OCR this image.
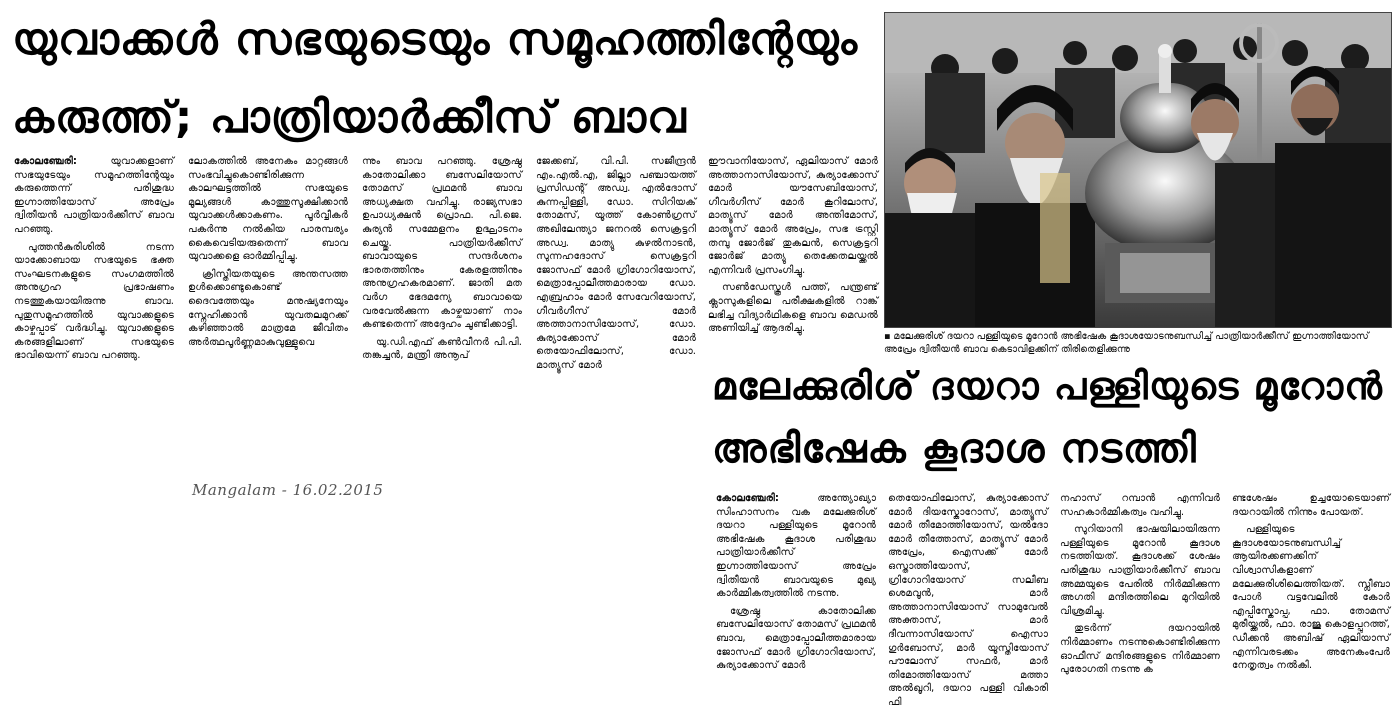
യുവാക്കൾ സഭയുടെയും സമൂഹത്തിന്റേയും
കരുത്ത്; പാത്രിയാർക്കീസ് ബാവ

കോലഞ്ചേരി: യുവാക്കളാണ് സഭയുടേയും സമൂഹത്തിന്റേയും കരുത്തെന്ന് പരിശുദ്ധ ഇഗ്നാത്തിയോസ് അപ്രേം ദ്വിതീയൻ പാത്രിയാർക്കീസ് ബാവ പറഞ്ഞു.

പുത്തൻകുരിശിൽ നടന്ന യാക്കോബായ സഭയുടെ ഭക്ത സംഘടനകളുടെ സംഗമത്തിൽ അനുഗ്രഹ പ്രഭാഷണം നടത്തുകയായിരുന്നു ബാവ. പുതുസമൂഹത്തിൽ യുവാക്കളുടെ കാഴ്ചപ്പാട് വർദ്ധിച്ചു. യുവാക്കളുടെ കരങ്ങളിലാണ് സഭയുടെ ഭാവിയെന്ന് ബാവ പറഞ്ഞു.

ലോകത്തിൽ അനേകം മാറ്റങ്ങൾ സംഭവിച്ചുകൊണ്ടിരിക്കുന്ന കാലഘട്ടത്തിൽ സഭയുടെ മൂല്യങ്ങൾ കാത്തുസൂക്ഷിക്കാൻ യുവാക്കൾക്കാകണം. പൂർവ്വീകർ പകർന്നു നൽകിയ പാരമ്പര്യം കൈവെടിയരുതെന്ന് ബാവ യുവാക്കളെ ഓർമ്മിപ്പിച്ചു.

ക്രിസ്തീയതയുടെ അന്തസത്ത ഉൾക്കൊണ്ടുകൊണ്ട് ദൈവത്തേയും മനുഷ്യനേയും സ്നേഹിക്കാൻ യുവതലമുറക്ക് കഴിഞ്ഞാൽ മാത്രമേ ജീവിതം അർത്ഥപൂർണ്ണമാകുവുള്ളുവെ

ന്നും ബാവ പറഞ്ഞു. ശ്രേഷ്ഠ കാതോലിക്കാ ബസേലിയോസ് തോമസ് പ്രഥമൻ ബാവ അധ്യക്ഷത വഹിച്ചു. രാജ്യസഭാ ഉപാധ്യക്ഷൻ പ്രൊഫ. പി.ജെ. കുര്യൻ സമ്മേളനം ഉദ്ഘാടനം ചെയ്തു. പാത്രിയർക്കീസ് ബാവായുടെ സന്ദർശനം ഭാരതത്തിനും കേരളത്തിനും അനുഗ്രഹകരമാണ്. ജാതി മത വർഗ ഭേദമന്യേ ബാവായെ വരവേൽക്കുന്ന കാഴ്ചയാണ് നാം കണ്ടതെന്ന് അദ്ദേഹം ചൂണ്ടിക്കാട്ടി.

യു.ഡി.എഫ് കൺവീനർ പി.പി. തങ്കച്ചൻ, മന്ത്രി അനൂപ്

ജേക്കബ്, വി.പി. സജീന്ദ്രൻ എം.എൽ.എ, ജില്ലാ പഞ്ചായത്ത് പ്രസിഡന്റ് അഡ്വ. എൽദോസ് കുന്നപ്പിള്ളി, ഡോ. സിറിയക് തോമസ്, യൂത്ത് കോൺഗ്രസ് അഖിലേന്ത്യാ ജനറൽ സെക്രട്ടറി അഡ്വ. മാത്യു കുഴൽനാടൻ, സുന്നഹദോസ് സെക്രട്ടറി ജോസഫ് മോർ ഗ്രിഗോറിയോസ്, മെത്രാപ്പോലീത്തമാരായ ഡോ. എബ്രഹാം മോർ സേവേറിയോസ്, ഗീവർഗീസ് മോർ അത്താനാസിയോസ്, ഡോ. കുര്യാക്കോസ് മോർ തെയോഫിലോസ്, ഡോ. മാത്യൂസ് മോർ

ഈവാനിയോസ്, ഏലിയാസ് മോർ അത്താനാസിയോസ്, കുര്യാക്കോസ് മോർ യൗസേബിയോസ്, ഗീവർഗീസ് മോർ കൂറിലോസ്, മാത്യൂസ് മോർ അന്തിമോസ്, മാത്യൂസ് മോർ അപ്രേം, സഭ ട്രസ്റ്റി തമ്പു ജോർജ് തുകലൻ, സെക്രട്ടറി ജോർജ് മാത്യു തെക്കേതലയ്ക്കൽ എന്നിവർ പ്രസംഗിച്ചു.

സൺഡേസ്കൂൾ പത്ത്, പന്ത്രണ്ട് ക്ലാസുകളിലെ പരീക്ഷകളിൽ റാങ്ക് ലഭിച്ച വിദ്യാർഥികളെ ബാവ മെഡൽ അണിയിച്ച് ആദരിച്ചു.

▪ മലേക്കുരിശ് ദയറാ പള്ളിയുടെ മൂറോൻ അഭിഷേക കൂദാശയോടനുബന്ധിച്ച് പാത്രിയാർക്കീസ് ഇഗ്നാത്തിയോസ് അപ്രേം ദ്വിതീയൻ ബാവ കെടാവിളക്കിന് തിരിതെളിക്കുന്നു
Mangalam - 16.02.2015
മലേക്കുരിശ് ദയറാ പള്ളിയുടെ മൂറോൻ
അഭിഷേക കൂദാശ നടത്തി

കോലഞ്ചേരി: അന്ത്യോഖ്യാ സിംഹാസനം വക മലേക്കുരിശ് ദയറാ പള്ളിയുടെ മൂറോൻ അഭിഷേക കൂദാശ പരിശുദ്ധ പാത്രിയാർക്കീസ് ഇഗ്നാത്തിയോസ് അപ്രേം ദ്വിതീയൻ ബാവയുടെ മുഖ്യ കാർമ്മികത്വത്തിൽ നടന്നു.

ശ്രേഷ്ഠ കാതോലിക്ക ബസേലിയോസ് തോമസ് പ്രഥമൻ ബാവ, മെത്രാപ്പോലീത്തമാരായ ജോസഫ് മോർ ഗ്രിഗോറിയോസ്, കുര്യാക്കോസ് മോർ

തെയോഫിലോസ്, കുര്യാക്കോസ് മോർ ദിയസ്കോറോസ്, മാത്യൂസ് മോർ തീമോത്തിയോസ്, യൽദോ മോർ തീത്തോസ്, മാത്യൂസ് മോർ അപ്രേം, ഐസക്ക് മോർ ഒസ്താത്തിയോസ്, ഗ്രിഗോറിയോസ് സലീബ ശെമവൂൻ, മാർ അത്താനാസിയോസ് സാമുവേൽ അക്താസ്, മാർ ദീവന്നാസിയോസ് ഐസാ ഗുർബോസ്, മാർ യൂസ്തിയോസ് പൗലോസ് സഫർ, മാർ തിമോത്തിയോസ് മത്താ അൽഖൂറി, ദയറാ പള്ളി വികാരി ഫി

നഹാസ് റമ്പാൻ എന്നിവർ സഹകാർമ്മികത്വം വഹിച്ചു.

സുറിയാനി ഭാഷയിലായിരുന്ന പള്ളിയുടെ മൂറോൻ കൂദാശ നടത്തിയത്. കൂദാശക്ക് ശേഷം പരിശുദ്ധ പാത്രിയാർക്കീസ് ബാവ അമ്മയുടെ പേരിൽ നിർമ്മിക്കുന്ന അഗതി മന്ദിരത്തിലെ മുറിയിൽ വിശ്രമിച്ചു.

തുടർന്ന് ദയറായിൽ നിർമ്മാണം നടന്നുകൊണ്ടിരിക്കുന്ന ഓഫീസ് മന്ദിരങ്ങളുടെ നിർമ്മാണ പുരോഗതി നടന്നു ക

ണ്ടശേഷം ഉച്ചയോടെയാണ് ദയറായിൽ നിന്നും പോയത്.

പള്ളിയുടെ കൂദാശയോടനുബന്ധിച്ച് ആയിരക്കണക്കിന് വിശ്വാസികളാണ് മലേക്കുരിശിലെത്തിയത്. സ്ലീബാ പോൾ വട്ടവേലിൽ കോർ എപ്പിസ്കോപ്പ, ഫാ. തോമസ് മുരീയ്ക്കൽ, ഫാ. രാജു കൊളപ്പുറത്ത്, ഡീക്കൻ അബിഷ് ഏലിയാസ് എന്നിവരടക്കം അനേകംപേർ നേതൃത്വം നൽകി.
